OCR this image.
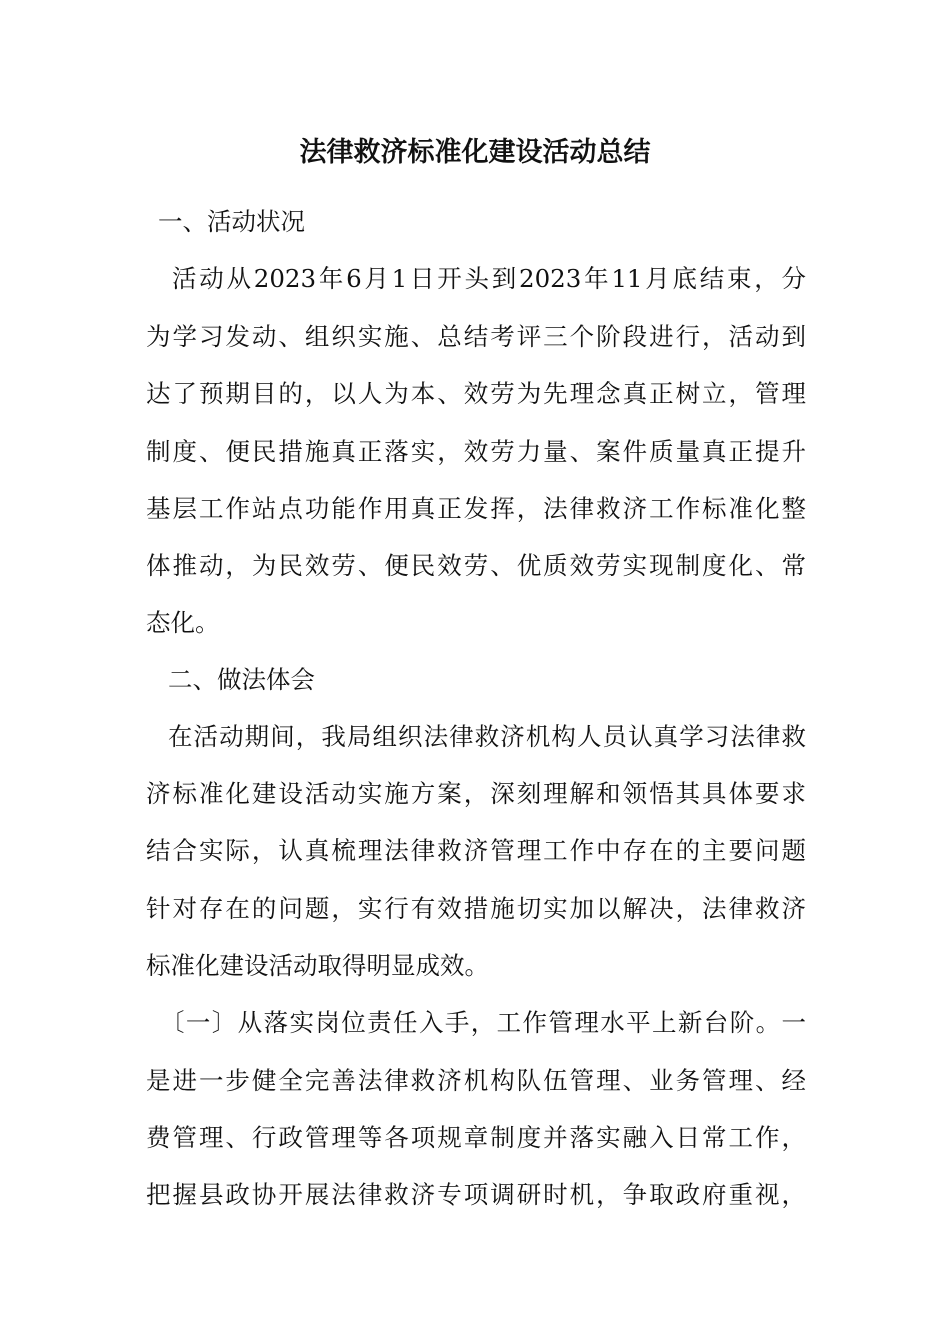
法律救济标准化建设活动总结
一、活动状况
活动从2023年6月1日开头到2023年11月底结束，分
为学习发动、组织实施、总结考评三个阶段进行，活动到
达了预期目的，以人为本、效劳为先理念真正树立，管理
制度、便民措施真正落实，效劳力量、案件质量真正提升
基层工作站点功能作用真正发挥，法律救济工作标准化整
体推动，为民效劳、便民效劳、优质效劳实现制度化、常
态化。
二、做法体会
在活动期间，我局组织法律救济机构人员认真学习法律救
济标准化建设活动实施方案，深刻理解和领悟其具体要求
结合实际，认真梳理法律救济管理工作中存在的主要问题
针对存在的问题，实行有效措施切实加以解决，法律救济
标准化建设活动取得明显成效。
〔一〕从落实岗位责任入手，工作管理水平上新台阶。一
是进一步健全完善法律救济机构队伍管理、业务管理、经
费管理、行政管理等各项规章制度并落实融入日常工作，
把握县政协开展法律救济专项调研时机，争取政府重视，
